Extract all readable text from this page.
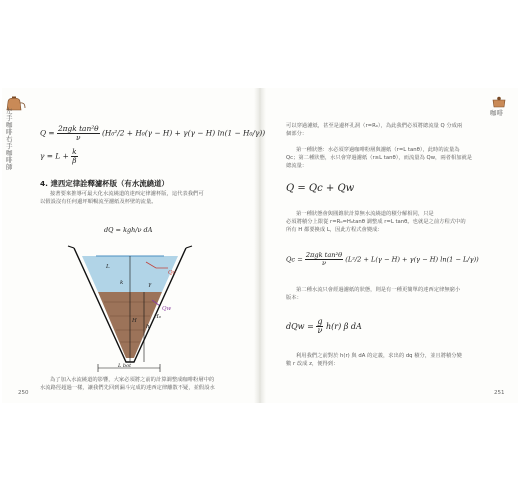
左手咖啡右手咖啡師
咖啡
Q = 2πgk tan²θ
ν	(H₀²/2 + H₀(γ − H) + γ(γ − H) ln(1 − H₀/γ))
$\gamma = L + \frac{k}{\beta}$
4. 達西定律詮釋濾杯版（有水流繞道）
接著要來推導可最大化水流繞道的達西定律濾杯版，這代表我們可
以假設沒有任何邊坪順暢流至濾紙及杯壁的流量。
dQ = kgh/ν dA
L
H
k
h
γ
H₀
Qc
Qw
L bot
為了加入水流繞道的影響，大家必須將之前的計算調整成咖啡粉層中的
水流路徑超過一樣，讓我們先回到漏斗完成的達西定律離散不疑，並假設水
250
可以穿過濾紙，甚至是邊杯孔洞（r=R₀），為此我們必須將總流量 Q 分成兩
個部分：
第一種狀態：水必須穿過咖啡粉層與濾紙（r=L tanθ），此時的流量為
Qc；第二種狀態，水只會穿過濾紙（r≥L tanθ），而流量為 Qw，兩者相加就是
總流量：
Q = Qc + Qw
第一種狀態會與圓錐狀計算無水流繞道的積分解相同，只是
必須將積分上限從 r=R₀=H₀tanθ 調整成 r=L tanθ。也就是之前方程式中的
所有 H 都要換成 L，因此方程式會變成：
Qc =
2πgk tan²θ
ν	(L²/2 + L(γ − H) + γ(γ − H) ln(1 − L/γ))
第二種水流只會經過濾紙的狀態，則是有一種更簡單的達西定律無窮小
版本：
dQw = $\frac{g}{\nu} h(r)$ β dA
利用我們之前對於 h(r) 與 dA 的定義，求出的 dq 積分，並且將積分變
數 r 改成 z，便得到：
251
